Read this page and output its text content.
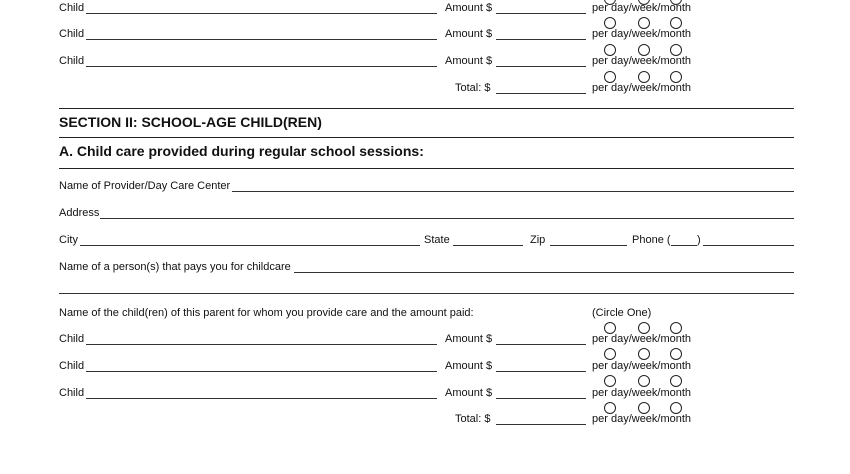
Child	Amount $	per day/week/month
Child	Amount $	per day/week/month
Child	Amount $	per day/week/month
Total: $	per day/week/month
SECTION II: SCHOOL-AGE CHILD(REN)
A. Child care provided during regular school sessions:
Name of Provider/Day Care Center
Address
City	State	Zip	Phone ( )
Name of a person(s) that pays you for childcare
Name of the child(ren) of this parent for whom you provide care and the amount paid:	(Circle One)
Child	Amount $	per day/week/month
Child	Amount $	per day/week/month
Child	Amount $	per day/week/month
Total: $	per day/week/month
